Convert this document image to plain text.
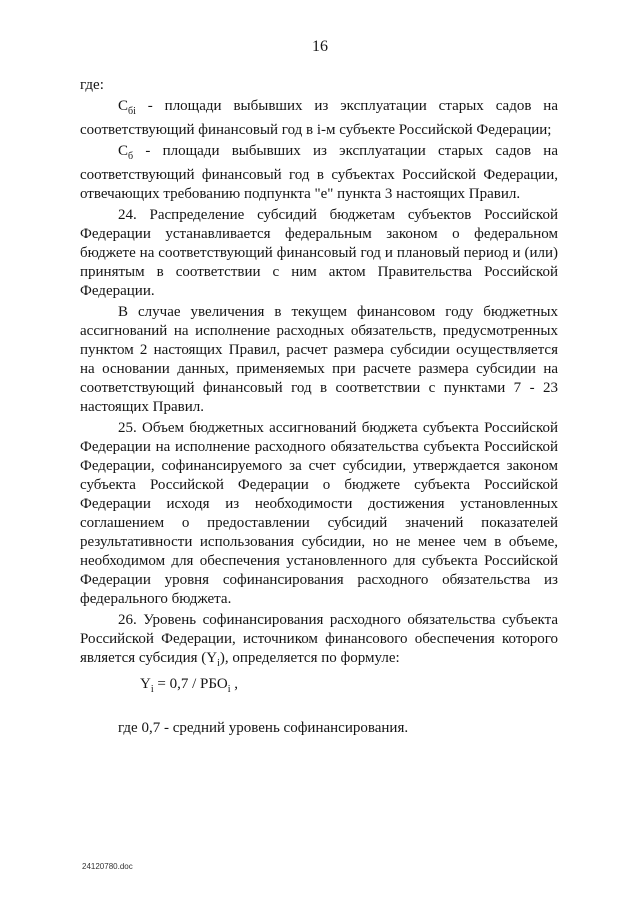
16

где:

$С_{бi}$ - площади выбывших из эксплуатации старых садов на соответствующий финансовый год в i-м субъекте Российской Федерации;

$С_б$ - площади выбывших из эксплуатации старых садов на соответствующий финансовый год в субъектах Российской Федерации, отвечающих требованию подпункта "е" пункта 3 настоящих Правил.

24. Распределение субсидий бюджетам субъектов Российской Федерации устанавливается федеральным законом о федеральном бюджете на соответствующий финансовый год и плановый период и (или) принятым в соответствии с ним актом Правительства Российской Федерации.

В случае увеличения в текущем финансовом году бюджетных ассигнований на исполнение расходных обязательств, предусмотренных пунктом 2 настоящих Правил, расчет размера субсидии осуществляется на основании данных, применяемых при расчете размера субсидии на соответствующий финансовый год в соответствии с пунктами 7 - 23 настоящих Правил.

25. Объем бюджетных ассигнований бюджета субъекта Российской Федерации на исполнение расходного обязательства субъекта Российской Федерации, софинансируемого за счет субсидии, утверждается законом субъекта Российской Федерации о бюджете субъекта Российской Федерации исходя из необходимости достижения установленных соглашением о предоставлении субсидий значений показателей результативности использования субсидии, но не менее чем в объеме, необходимом для обеспечения установленного для субъекта Российской Федерации уровня софинансирования расходного обязательства из федерального бюджета.

26. Уровень софинансирования расходного обязательства субъекта Российской Федерации, источником финансового обеспечения которого является субсидия $(Y_i)$, определяется по формуле:

$Y_i = 0,7 / РБО_i$ ,

где 0,7 - средний уровень софинансирования.

24120780.doc
